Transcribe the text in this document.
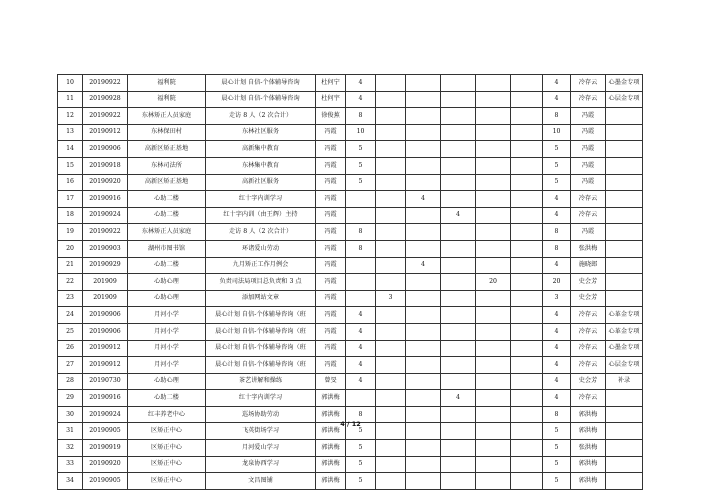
10	20190922	福利院	晨心计划 自信-个体辅导咨询	杜何宁	4						4	冷存云	心墨金专项
11	20190928	福利院	晨心计划 自信-个体辅导咨询	杜何宇	4						4	冷存云	心层金专项
12	20190922	东林矫正人员家庭	走访 8 人（2 次合计）	徐俊蕉	8						8	冯霞	
13	20190912	东林保田村	东林社区服务	冯霞	10						10	冯霞	
14	20190906	高新区矫正基地	高新集中教育	冯霞	5						5	冯霞	
15	20190918	东林司法所	东林集中教育	冯霞	5						5	冯霞	
16	20190920	高新区矫正基地	高新社区服务	冯霞	5						5	冯霞	
17	20190916	心助二楼	红十字内训学习	冯霞			4				4	冷存云	
18	20190924	心助二楼	红十字内训（由王辉）主持	冯霞				4			4	冷存云	
19	20190922	东林矫正人员家庭	走访 8 人（2 次合计）	冯霞	8						8	冯霞	
20	20190903	湖州市图书馆	环诸爱山劳动	冯霞	8						8	张洪梅	
21	20190929	心助二楼	九月矫正工作月例会	冯霞			4				4	施晓郎	
22	201909	心助心理	负责司法局项目总负责和 3 点	冯霞					20		20	史会芳	
23	201909	心助心理	添加网站文章	冯霞		3					3	史会芳	
24	20190906	月河小学	晨心计划 自信-个体辅导咨询（班	冯霞	4						4	冷存云	心革金专项
25	20190906	月河小学	晨心计划 自信-个体辅导咨询（班	冯霞	4						4	冷存云	心革金专项
26	20190912	月河小学	晨心计划 自信-个体辅导咨询（班	冯霞	4						4	冷存云	心墨金专项
27	20190912	月河小学	晨心计划 自信-个体辅导咨询（班	冯霞	4						4	冷存云	心层金专项
28	20190730	心助心理	茶艺讲解和操练	曾旻	4						4	史会芳	补录
29	20190916	心助二楼	红十字内训学习	郭洪梅				4			4	冷存云	
30	20190924	红丰养老中心	巡场协助劳动	郭洪梅	8						8	郭洪梅	
31	20190905	区矫正中心	飞英街场学习	郭洪梅	5						5	郭洪梅	
32	20190919	区矫正中心	月河爱山学习	郭洪梅	5						5	张洪梅	
33	20190920	区矫正中心	龙泉协西学习	郭洪梅	5						5	郭洪梅	
34	20190905	区矫正中心	文昌图铺	郭洪梅	5						5	郭洪梅	
4 / 12
